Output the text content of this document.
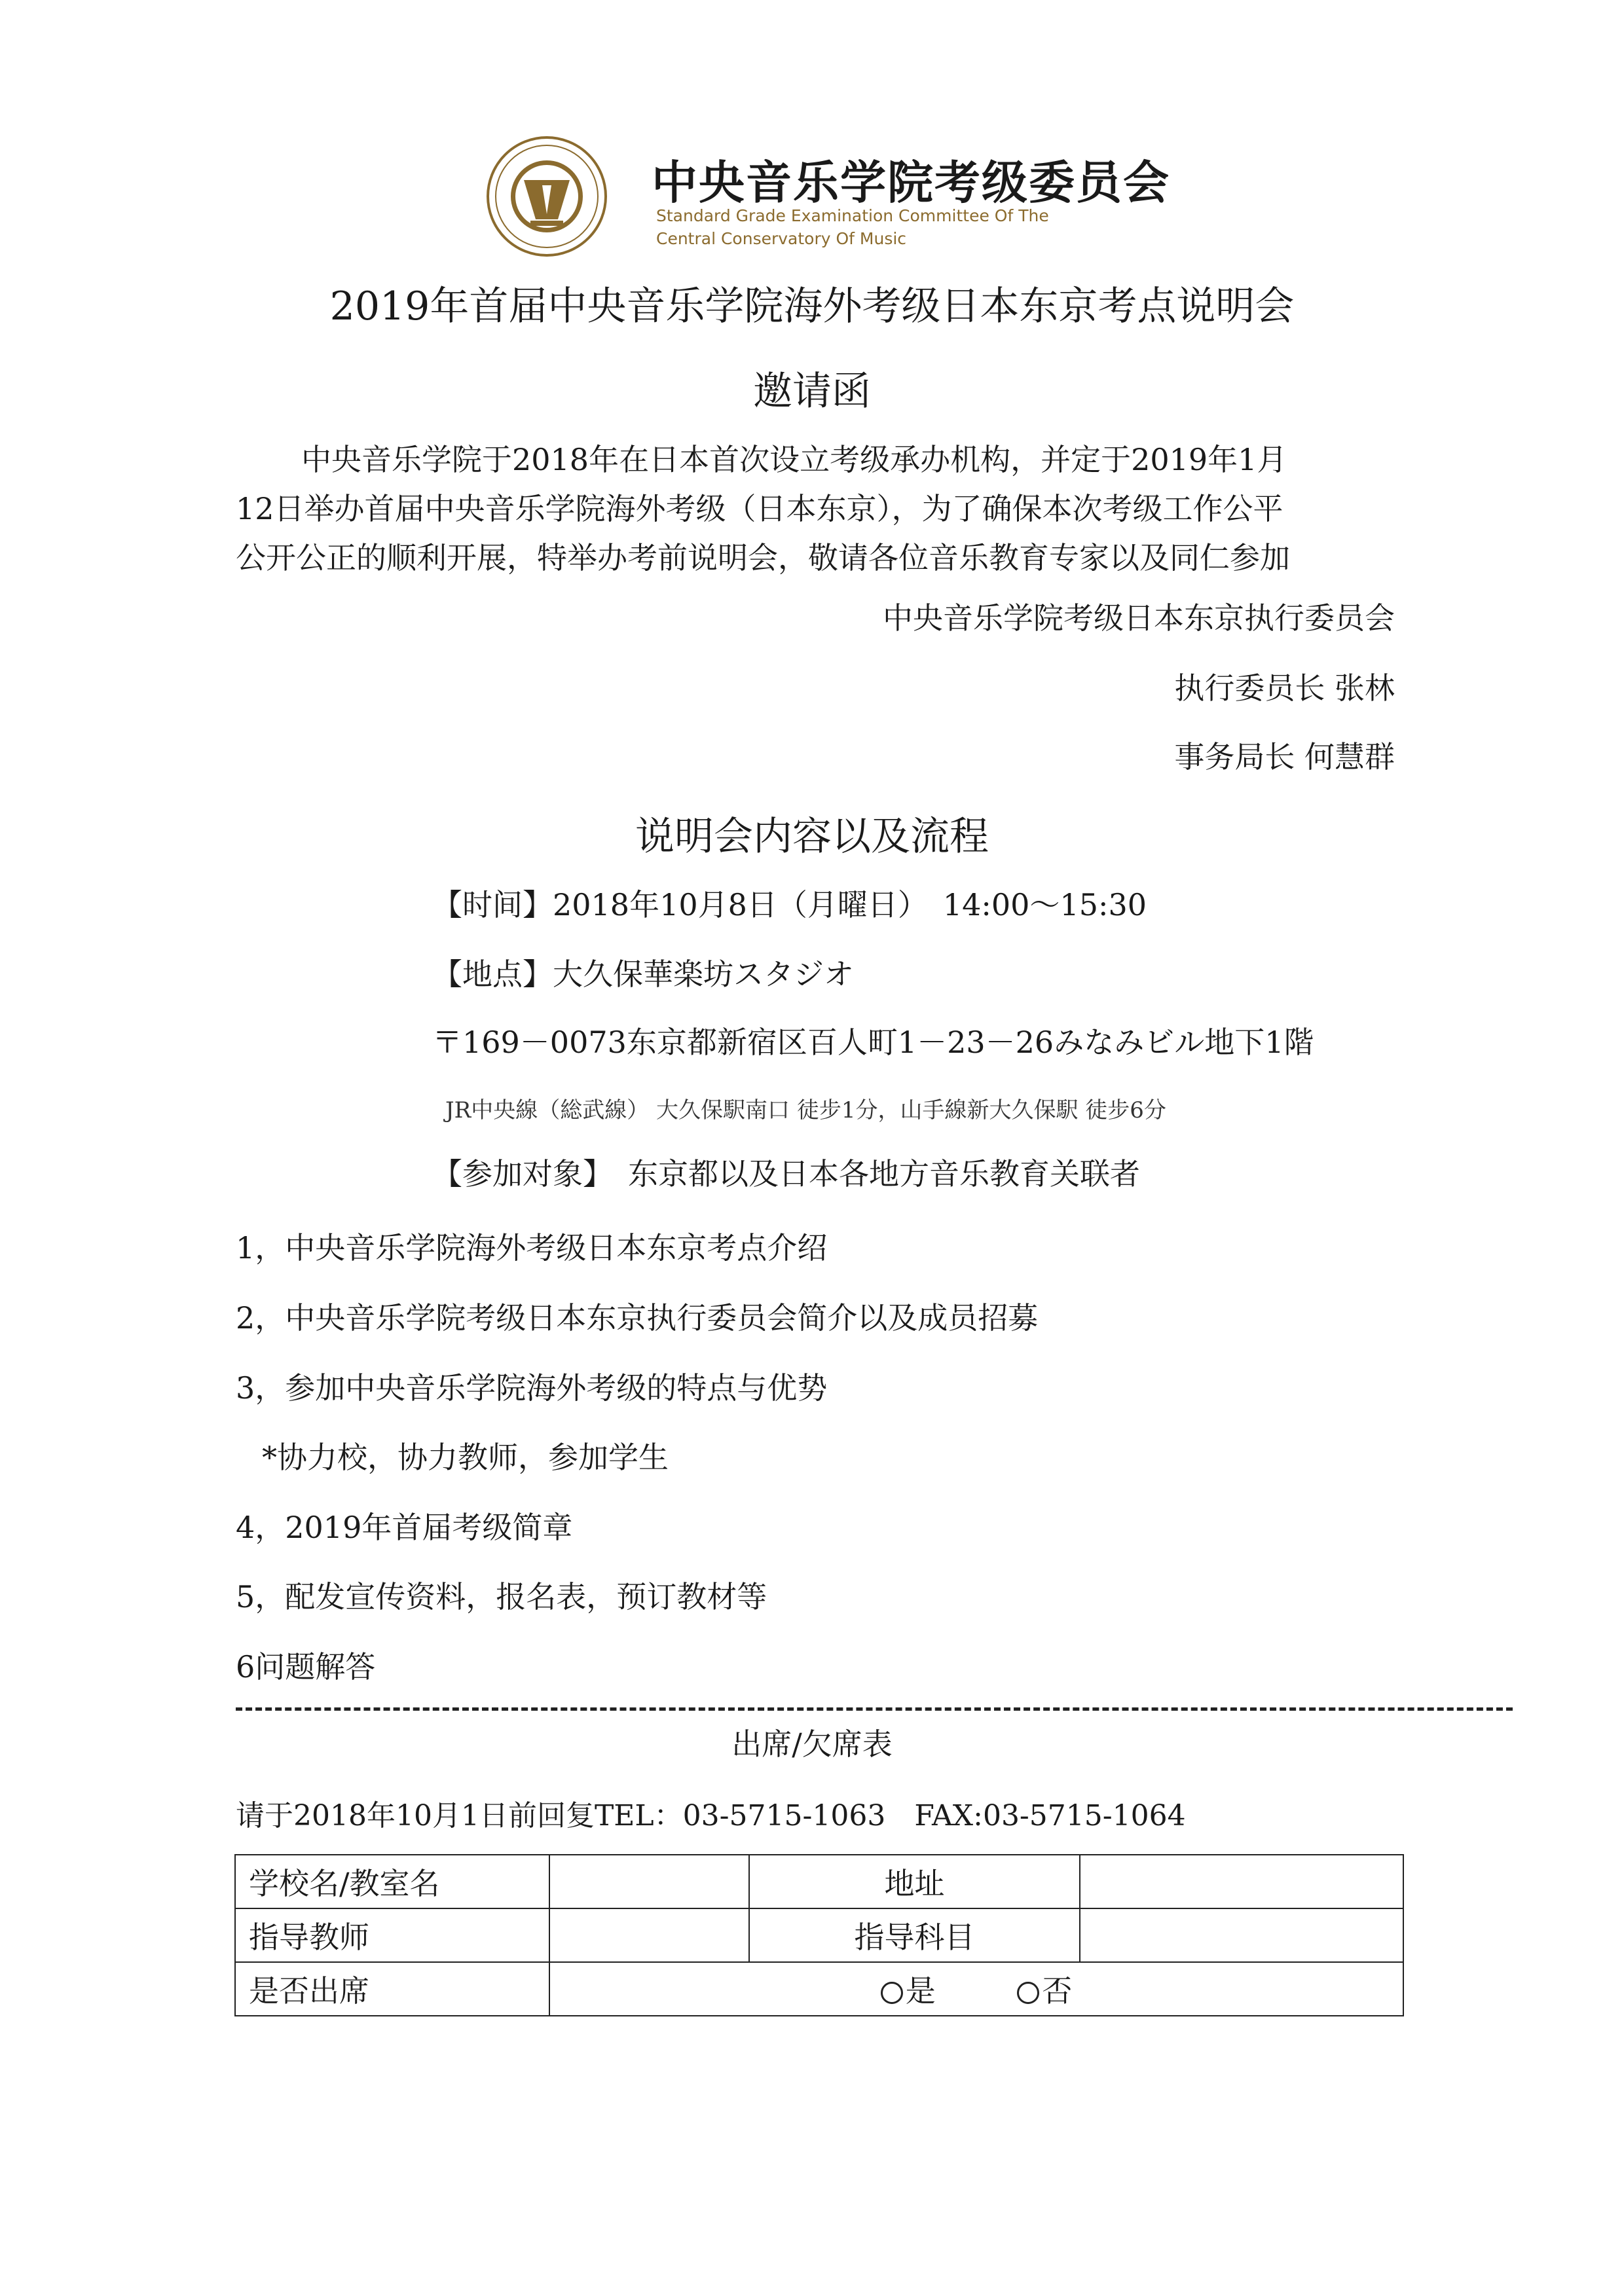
中央音乐学院考级委员会
Standard Grade Examination Committee Of The
Central Conservatory Of Music
2019年首届中央音乐学院海外考级日本东京考点说明会
邀请函

中央音乐学院于2018年在日本首次设立考级承办机构，并定于2019年1月

12日举办首届中央音乐学院海外考级（日本东京），为了确保本次考级工作公平

公开公正的顺利开展，特举办考前说明会，敬请各位音乐教育专家以及同仁参加

中央音乐学院考级日本东京执行委员会
执行委员长 张林
事务局长 何慧群
说明会内容以及流程
【时间】2018年10月8日（月曜日）　14:00〜15:30
【地点】大久保華楽坊スタジオ
〒169－0073东京都新宿区百人町1－23－26みなみビル地下1階
JR中央線（総武線） 大久保駅南口 徒步1分，山手線新大久保駅 徒步6分
【参加对象】　东京都以及日本各地方音乐教育关联者
1，中央音乐学院海外考级日本东京考点介绍
2，中央音乐学院考级日本东京执行委员会简介以及成员招募
3，参加中央音乐学院海外考级的特点与优势
*协力校，协力教师，参加学生
4，2019年首届考级简章
5，配发宣传资料，报名表，预订教材等
6问题解答
出席/欠席表
请于2018年10月1日前回复TEL：03-5715-1063　FAX:03-5715-1064
学校名/教室名		地址	
指导教师		指导科目	
是否出席	是 否		
